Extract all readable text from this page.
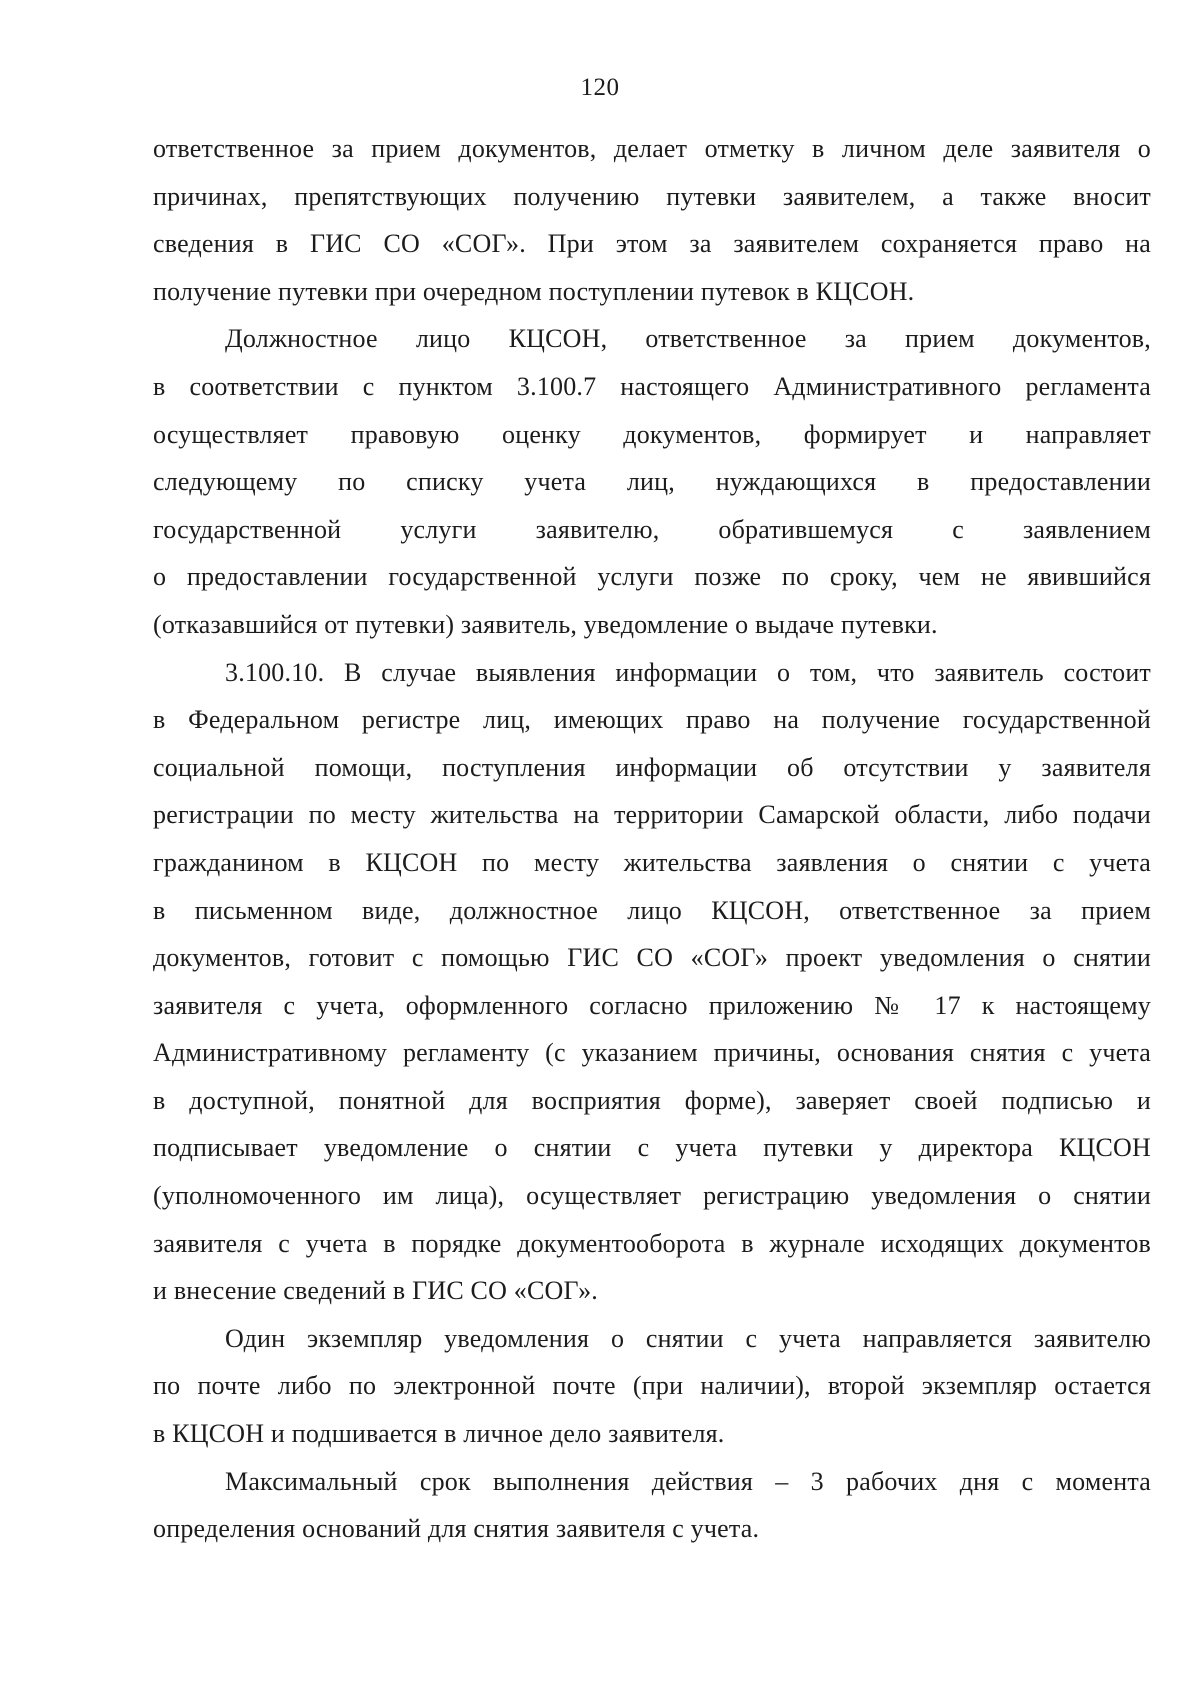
120
ответственное за прием документов, делает отметку в личном деле заявителя о
причинах, препятствующих получению путевки заявителем, а также вносит
сведения в ГИС СО «СОГ». При этом за заявителем сохраняется право на
получение путевки при очередном поступлении путевок в КЦСОН.
Должностное лицо КЦСОН, ответственное за прием документов,
в соответствии с пунктом 3.100.7 настоящего Административного регламента
осуществляет правовую оценку документов, формирует и направляет
следующему по списку учета лиц, нуждающихся в предоставлении
государственной услуги заявителю, обратившемуся с заявлением
о предоставлении государственной услуги позже по сроку, чем не явившийся
(отказавшийся от путевки) заявитель, уведомление о выдаче путевки.
3.100.10. В случае выявления информации о том, что заявитель состоит
в Федеральном регистре лиц, имеющих право на получение государственной
социальной помощи, поступления информации об отсутствии у заявителя
регистрации по месту жительства на территории Самарской области, либо подачи
гражданином в КЦСОН по месту жительства заявления о снятии с учета
в письменном виде, должностное лицо КЦСОН, ответственное за прием
документов, готовит с помощью ГИС СО «СОГ» проект уведомления о снятии
заявителя с учета, оформленного согласно приложению № 17 к настоящему
Административному регламенту (с указанием причины, основания снятия с учета
в доступной, понятной для восприятия форме), заверяет своей подписью и
подписывает уведомление о снятии с учета путевки у директора КЦСОН
(уполномоченного им лица), осуществляет регистрацию уведомления о снятии
заявителя с учета в порядке документооборота в журнале исходящих документов
и внесение сведений в ГИС СО «СОГ».
Один экземпляр уведомления о снятии с учета направляется заявителю
по почте либо по электронной почте (при наличии), второй экземпляр остается
в КЦСОН и подшивается в личное дело заявителя.
Максимальный срок выполнения действия – 3 рабочих дня с момента
определения оснований для снятия заявителя с учета.
